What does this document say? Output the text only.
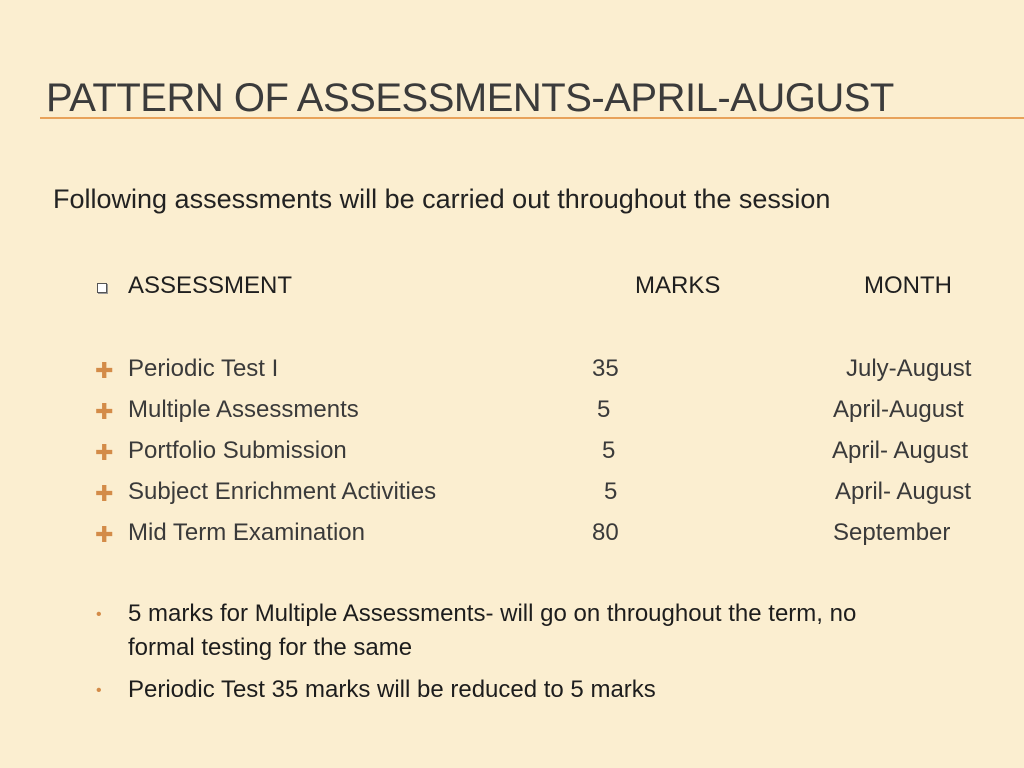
PATTERN OF ASSESSMENTS-APRIL-AUGUST
Following assessments will be carried out throughout the session
ASSESSMENT	MARKS	MONTH
✚ Periodic Test I	35	July-August
✚ Multiple Assessments	5	April-August
✚ Portfolio Submission	5	April- August
✚ Subject Enrichment Activities	5	April- August
✚ Mid Term Examination	80	September
• 5 marks for Multiple Assessments- will go on throughout the term, no
formal testing for the same
• Periodic Test 35 marks will be reduced to 5 marks
